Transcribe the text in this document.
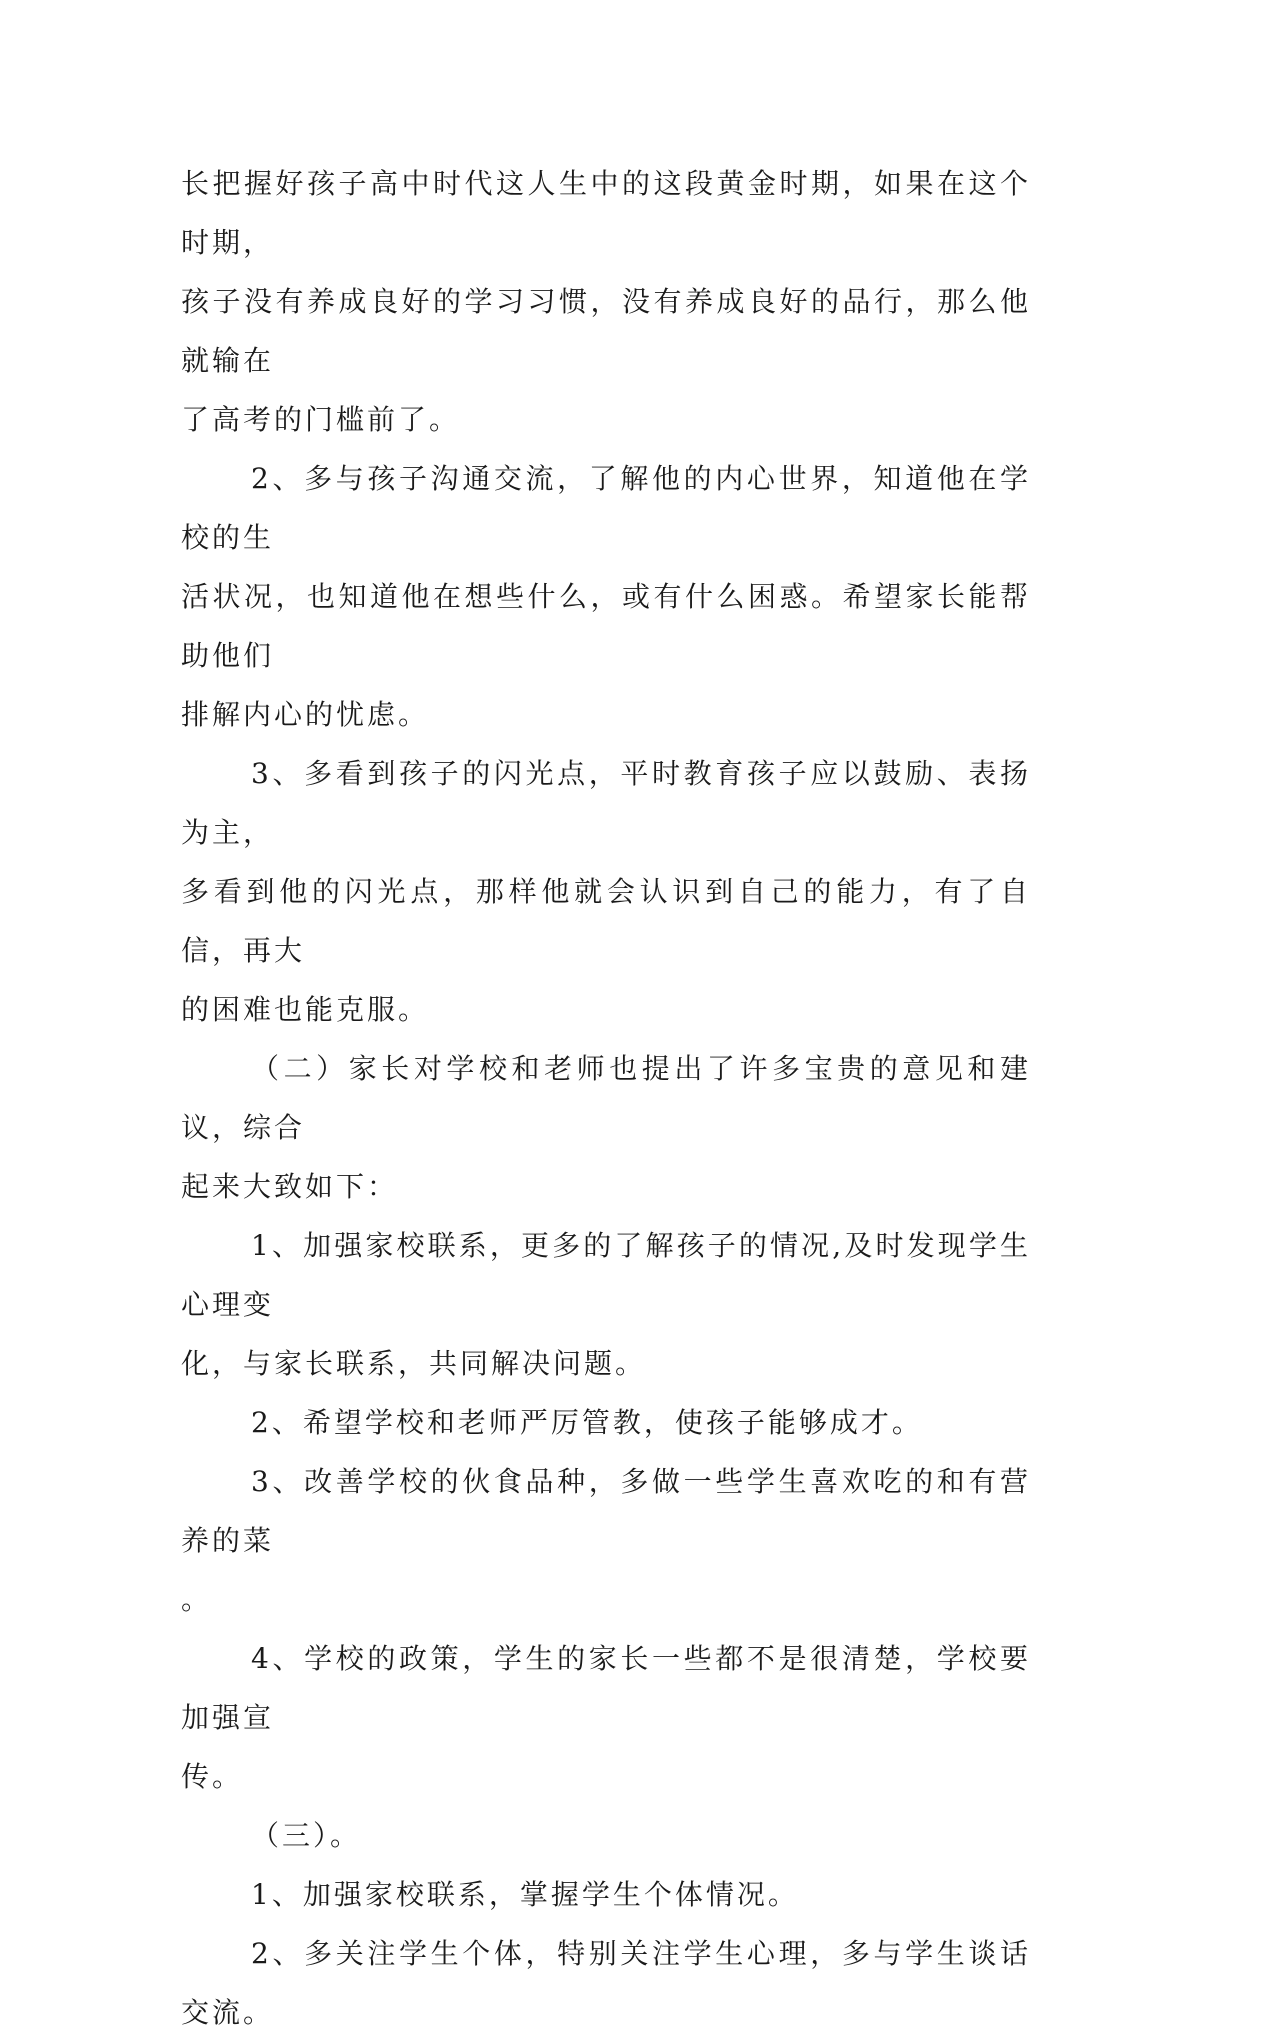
长把握好孩子高中时代这人生中的这段黄金时期，如果在这个时期，
孩子没有养成良好的学习习惯，没有养成良好的品行，那么他就输在
了高考的门槛前了。
2、多与孩子沟通交流，了解他的内心世界，知道他在学校的生
活状况，也知道他在想些什么，或有什么困惑。希望家长能帮助他们
排解内心的忧虑。
3、多看到孩子的闪光点，平时教育孩子应以鼓励、表扬为主，
多看到他的闪光点，那样他就会认识到自己的能力，有了自信，再大
的困难也能克服。
（二）家长对学校和老师也提出了许多宝贵的意见和建议，综合
起来大致如下：
1、加强家校联系，更多的了解孩子的情况,及时发现学生心理变
化，与家长联系，共同解决问题。
2、希望学校和老师严厉管教，使孩子能够成才。
3、改善学校的伙食品种，多做一些学生喜欢吃的和有营养的菜
。
4、学校的政策，学生的家长一些都不是很清楚，学校要加强宣
传。
（三）。
1、加强家校联系，掌握学生个体情况。
2、多关注学生个体，特别关注学生心理，多与学生谈话交流。
